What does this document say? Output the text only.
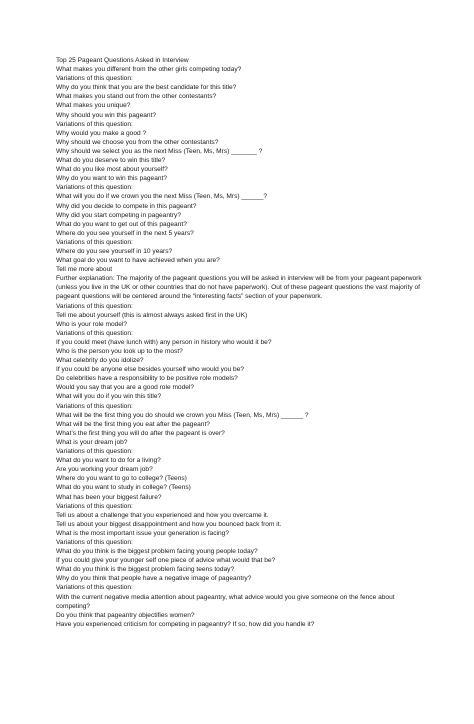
Top 25 Pageant Questions Asked in Interview

What makes you different from the other girls competing today?

Variations of this question:

Why do you think that you are the best candidate for this title?

What makes you stand out from the other contestants?

What makes you unique?

Why should you win this pageant?

Variations of this question:

Why would you make a good ?

Why should we choose you from the other contestants?

Why should we select you as the next Miss (Teen, Ms, Mrs) _______ ?

What do you deserve to win this title?

What do you like most about yourself?

Why do you want to win this pageant?

Variations of this question:

What will you do if we crown you the next Miss (Teen, Ms, Mrs) ______?

Why did you decide to compete in this pageant?

Why did you start competing in pageantry?

What do you want to get out of this pageant?

Where do you see yourself in the next 5 years?

Variations of this question:

Where do you see yourself in 10 years?

What goal do you want to have achieved when you are?

Tell me more about

Further explanation: The majority of the pageant questions you will be asked in interview will be from your pageant paperwork (unless you live in the UK or other countries that do not have paperwork). Out of these pageant questions the vast majority of pageant questions will be centered around the “interesting facts” section of your paperwork.

Variations of this question:

Tell me about yourself (this is almost always asked first in the UK)

Who is your role model?

Variations of this question:

If you could meet (have lunch with) any person in history who would it be?

Who is the person you look up to the most?

What celebrity do you idolize?

If you could be anyone else besides yourself who would you be?

Do celebrities have a responsibility to be positive role models?

Would you say that you are a good role model?

What will you do if you win this title?

Variations of this question:

What will be the first thing you do should we crown you Miss (Teen, Ms, Mrs) ______ ?

What will be the first thing you eat after the pageant?

What’s the first thing you will do after the pageant is over?

What is your dream job?

Variations of this question:

What do you want to do for a living?

Are you working your dream job?

Where do you want to go to college? (Teens)

What do you want to study in college? (Teens)

What has been your biggest failure?

Variations of this question:

Tell us about a challenge that you experienced and how you overcame it.

Tell us about your biggest disappointment and how you bounced back from it.

What is the most important issue your generation is facing?

Variations of this question:

What do you think is the biggest problem facing young people today?

If you could give your younger self one piece of advice what would that be?

What do you think is the biggest problem facing teens today?

Why do you think that people have a negative image of pageantry?

Variations of this question:

With the current negative media attention about pageantry, what advice would you give someone on the fence about competing?

Do you think that pageantry objectifies women?

Have you experienced criticism for competing in pageantry? If so, how did you handle it?
